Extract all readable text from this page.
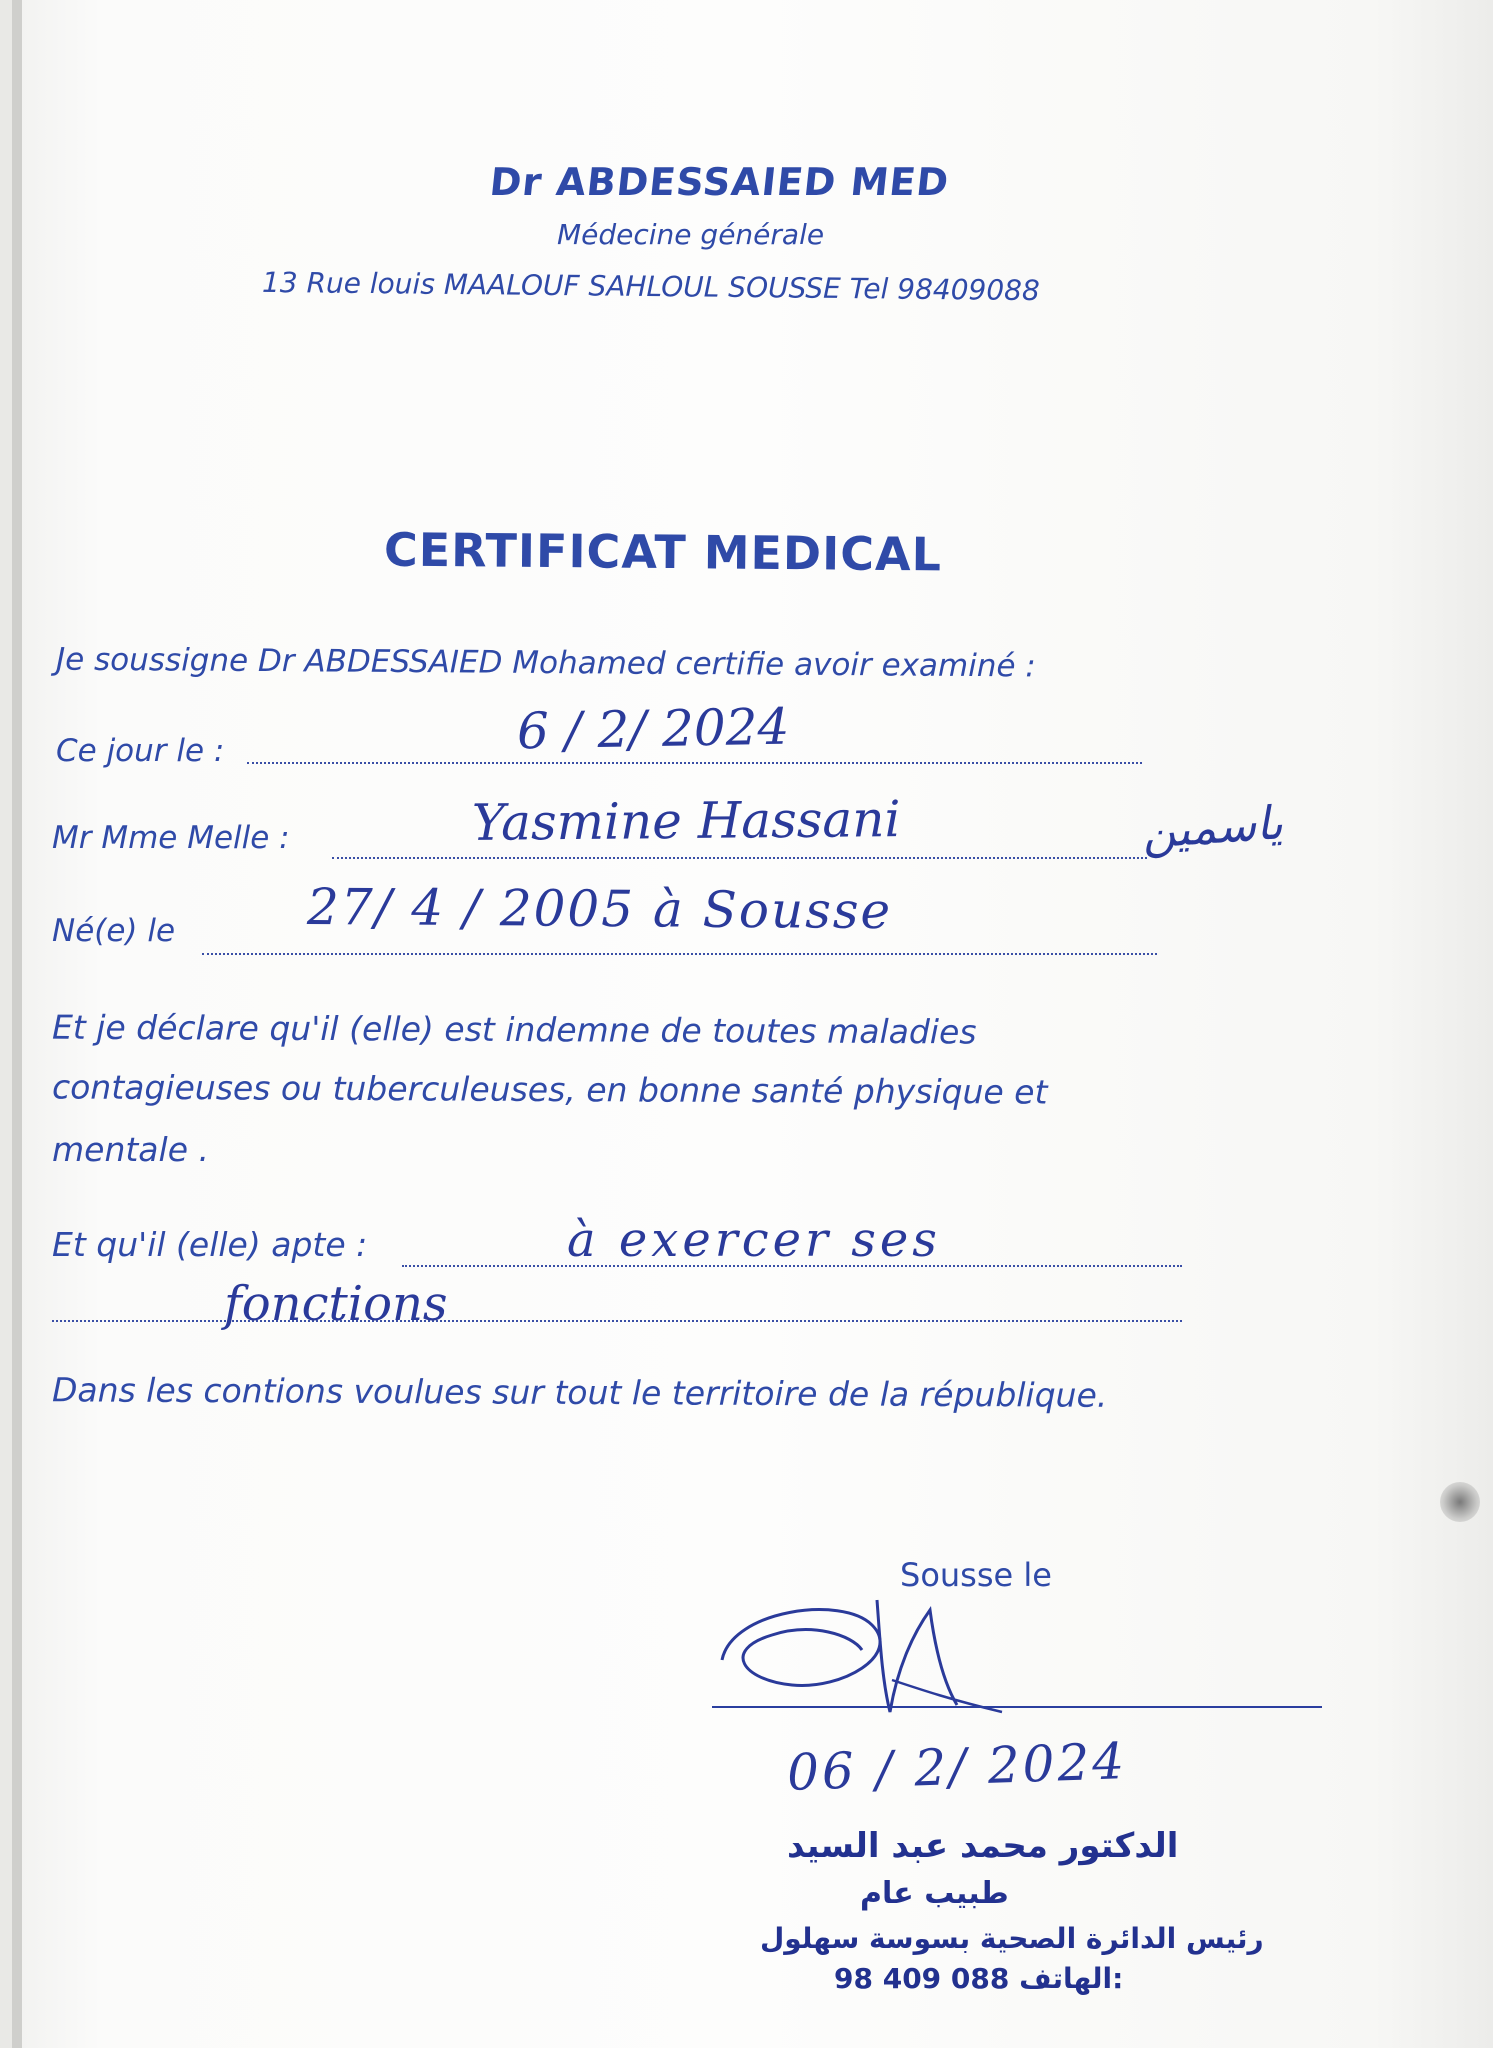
Dr ABDESSAIED MED
Médecine générale
13 Rue louis MAALOUF SAHLOUL SOUSSE Tel 98409088
CERTIFICAT MEDICAL
Je soussigne Dr ABDESSAIED Mohamed certifie avoir examiné :
Ce jour le :	6 / 2/ 2024
Mr Mme Melle :	Yasmine Hassani	ياسمين
Né(e) le	27/ 4 / 2005 à Sousse
Et je déclare qu'il (elle) est indemne de toutes maladies
contagieuses ou tuberculeuses, en bonne santé physique et
mentale .
Et qu'il (elle) apte :	à exercer ses
fonctions
Dans les contions voulues sur tout le territoire de la république.
Sousse le
06 / 2/ 2024
الدكتور محمد عبد السيد
طبيب عام
رئيس الدائرة الصحية بسوسة سهلول
98 409 088 الهاتف:
